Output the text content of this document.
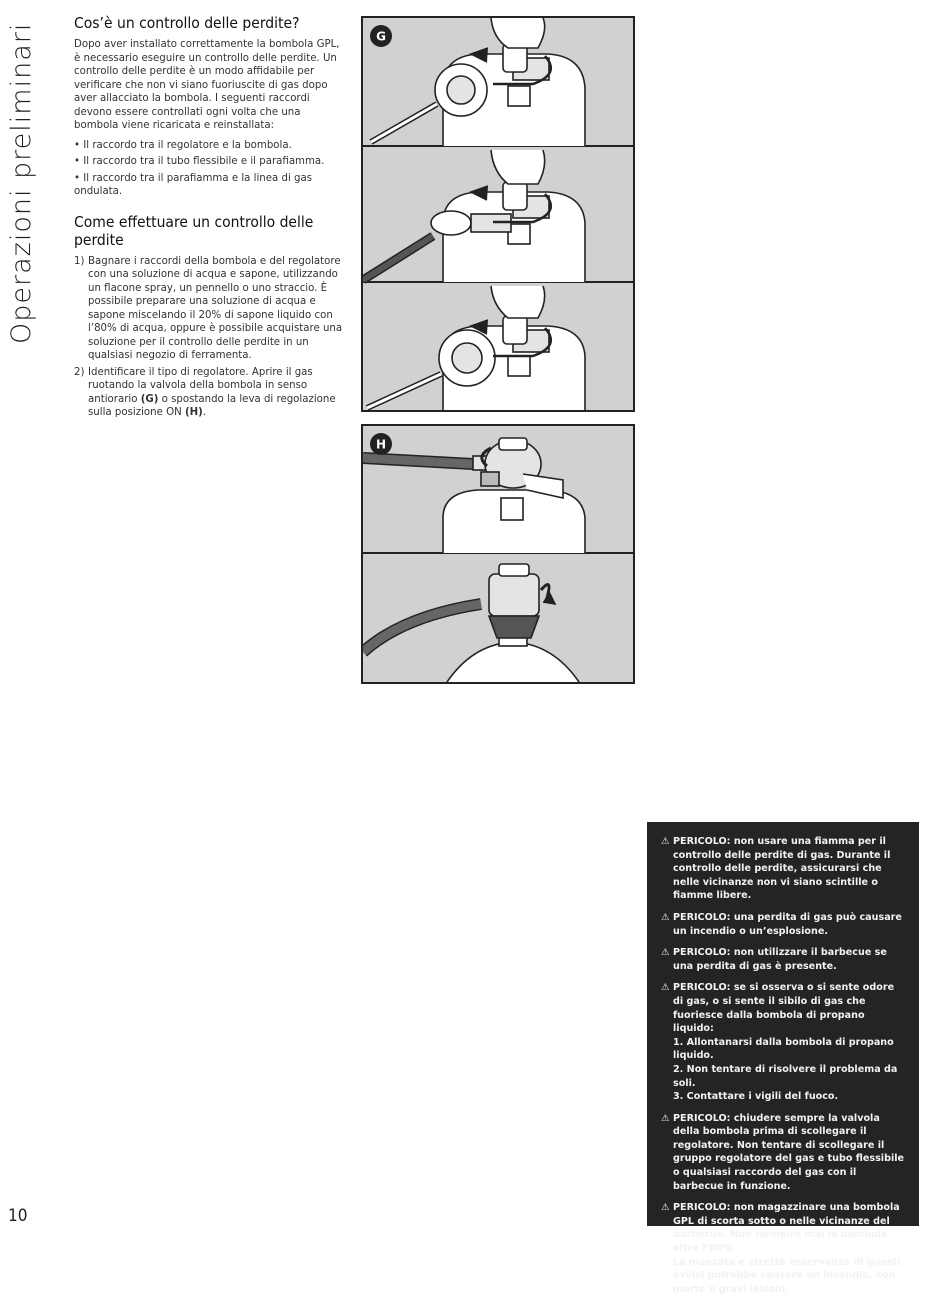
Operazioni preliminari
10
Cos’è un controllo delle perdite?

Dopo aver installato correttamente la bombola GPL, è necessario eseguire un controllo delle perdite. Un controllo delle perdite è un modo affidabile per verificare che non vi siano fuoriuscite di gas dopo aver allacciato la bombola. I seguenti raccordi devono essere controllati ogni volta che una bombola viene ricaricata e reinstallata:

• Il raccordo tra il regolatore e la bombola.
• Il raccordo tra il tubo flessibile e il parafiamma.
• Il raccordo tra il parafiamma e la linea di gas ondulata.
Come effettuare un controllo delle perdite
1) Bagnare i raccordi della bombola e del regolatore con una soluzione di acqua e sapone, utilizzando un flacone spray, un pennello o uno straccio. È possibile preparare una soluzione di acqua e sapone miscelando il 20% di sapone liquido con l’80% di acqua, oppure è possibile acquistare una soluzione per il controllo delle perdite in un qualsiasi negozio di ferramenta.
2) Identificare il tipo di regolatore. Aprire il gas ruotando la valvola della bombola in senso antiorario (G) o spostando la leva di regolazione sulla posizione ON (H).
G
H
⚠ PERICOLO: non usare una fiamma per il controllo delle perdite di gas. Durante il controllo delle perdite, assicurarsi che nelle vicinanze non vi siano scintille o fiamme libere.
⚠ PERICOLO: una perdita di gas può causare un incendio o un’esplosione.
⚠ PERICOLO: non utilizzare il barbecue se una perdita di gas è presente.
⚠ PERICOLO: se si osserva o si sente odore di gas, o si sente il sibilo di gas che fuoriesce dalla bombola di propano liquido:
1. Allontanarsi dalla bombola di propano liquido.
2. Non tentare di risolvere il problema da soli.
3. Contattare i vigili del fuoco.
⚠ PERICOLO: chiudere sempre la valvola della bombola prima di scollegare il regolatore. Non tentare di scollegare il gruppo regolatore del gas e tubo flessibile o qualsiasi raccordo del gas con il barbecue in funzione.
⚠ PERICOLO: non magazzinare una bombola GPL di scorta sotto o nelle vicinanze del barbecue. Non riempire mai la bombola oltre l’80%.
La mancata e stretta osservanza di questi avvisi potrebbe causare un incendio, con morte o gravi lesioni.
